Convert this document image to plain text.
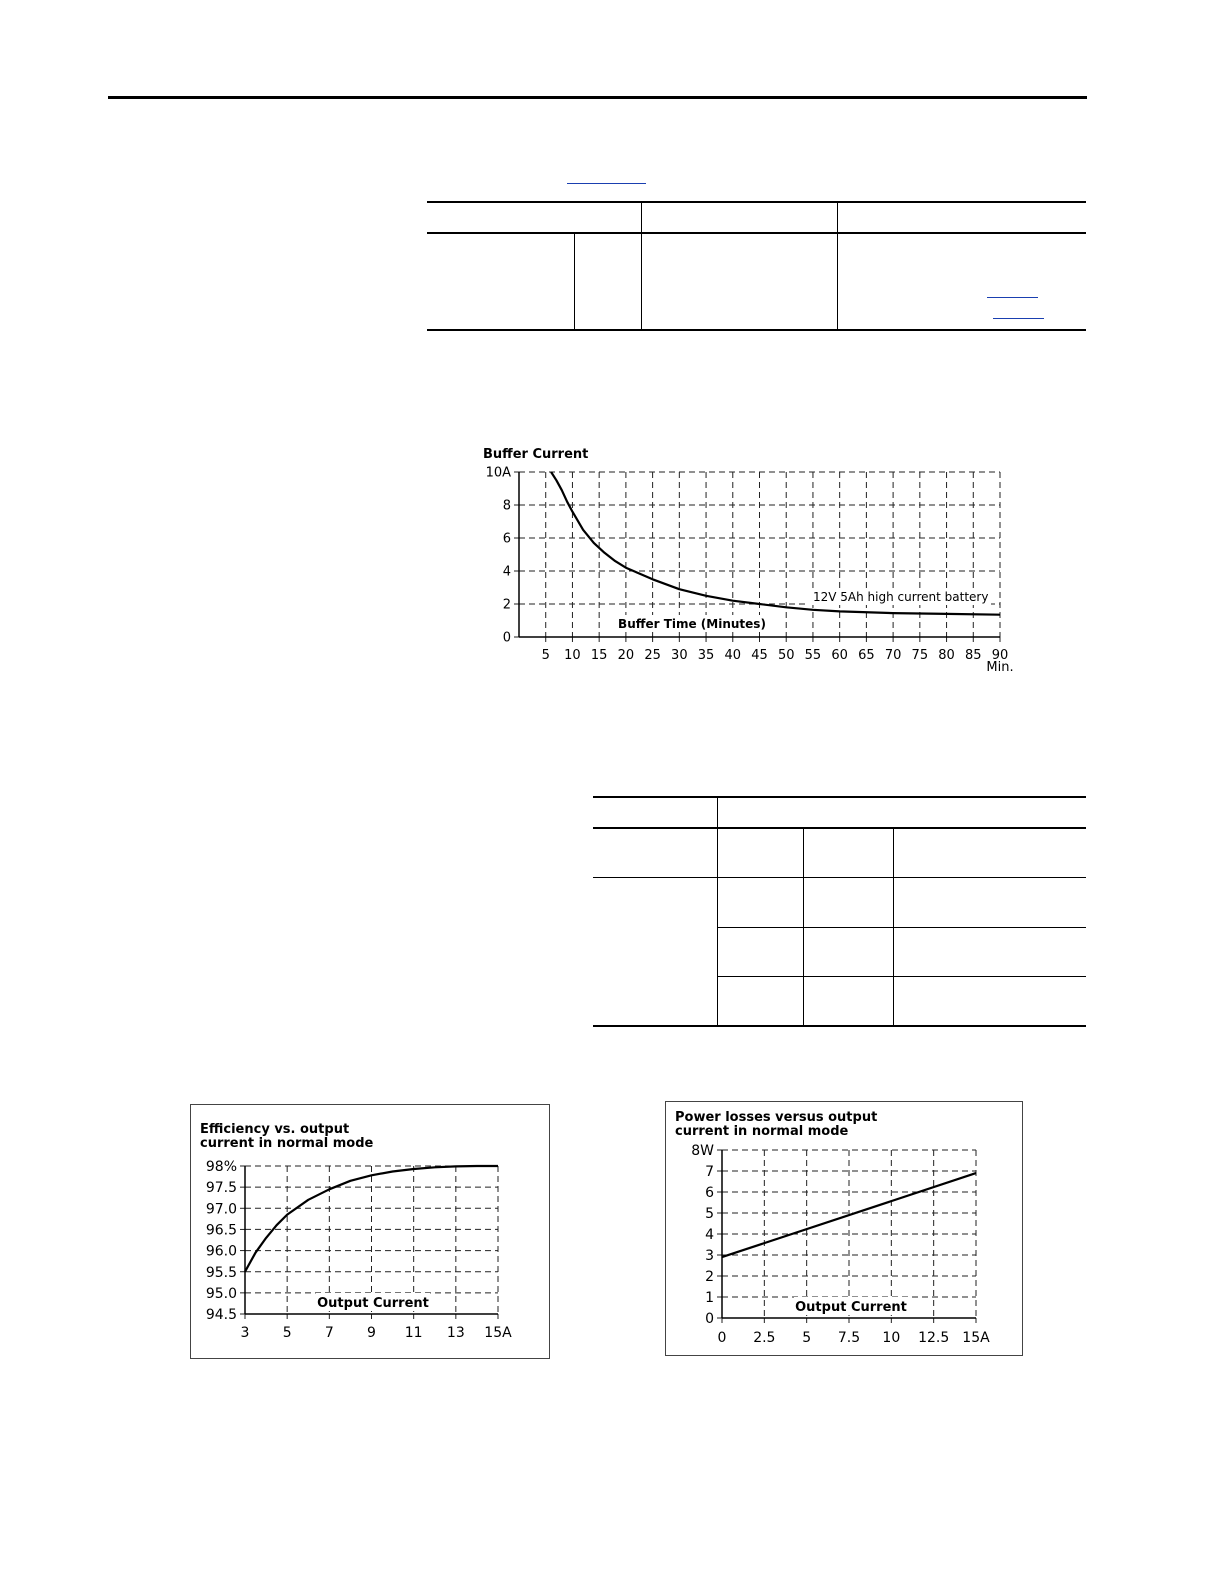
Buffer Current
5 10 15 20 25 30 35 40 45 50 55 60 65 70 75 80 85 90
0
2
4
6
8
10A
Buffer Time (Minutes)
12V 5Ah high current battery
Min.
Efficiency vs. output
current in normal mode
3 5 7 9 11 13 15A
94.5
95.0
95.5
96.0
96.5
97.0
97.5
98%
Output Current
Power losses versus output
current in normal mode
0 2.5 5 7.5 10 12.5 15A
0
1
2
3
4
5
6
7
8W
Output Current
